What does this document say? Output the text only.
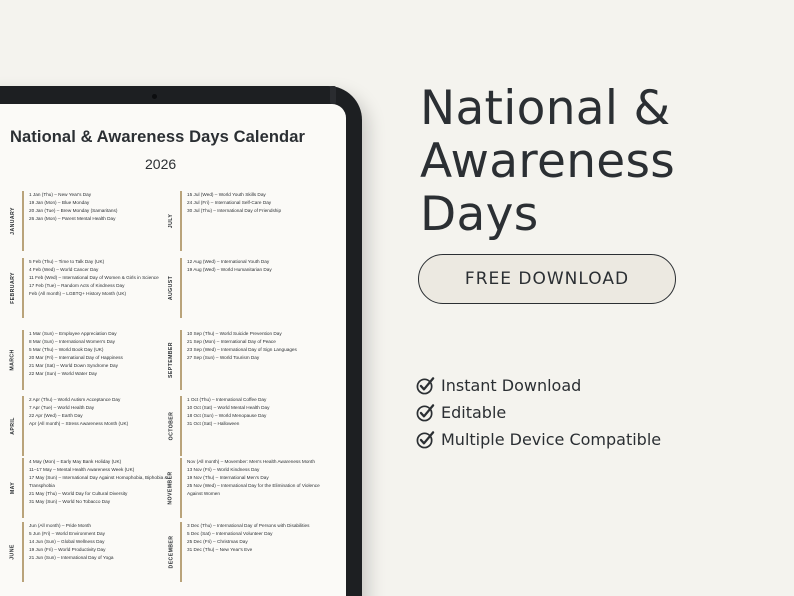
National & Awareness Days Calendar
2026
JANUARY
1 Jan (Thu) – New Year's Day
19 Jan (Mon) – Blue Monday
20 Jan (Tue) – Brew Monday (Samaritans)
26 Jan (Mon) – Parent Mental Health Day
FEBRUARY
5 Feb (Thu) – Time to Talk Day (UK)
4 Feb (Wed) – World Cancer Day
11 Feb (Wed) – International Day of Women & Girls in Science
17 Feb (Tue) – Random Acts of Kindness Day
Feb (All month) – LGBTQ+ History Month (UK)
MARCH
1 Mar (Sun) – Employee Appreciation Day
8 Mar (Sun) – International Women's Day
5 Mar (Thu) – World Book Day (UK)
20 Mar (Fri) – International Day of Happiness
21 Mar (Sat) – World Down Syndrome Day
22 Mar (Sun) – World Water Day
APRIL
2 Apr (Thu) – World Autism Acceptance Day
7 Apr (Tue) – World Health Day
22 Apr (Wed) – Earth Day
Apr (All month) – Stress Awareness Month (UK)
MAY
4 May (Mon) – Early May Bank Holiday (UK)
11–17 May – Mental Health Awareness Week (UK)
17 May (Sun) – International Day Against Homophobia, Biphobia & Transphobia
21 May (Thu) – World Day for Cultural Diversity
31 May (Sun) – World No Tobacco Day
JUNE
Jun (All month) – Pride Month
5 Jun (Fri) – World Environment Day
14 Jun (Sun) – Global Wellness Day
19 Jun (Fri) – World Productivity Day
21 Jun (Sun) – International Day of Yoga
JULY
15 Jul (Wed) – World Youth Skills Day
24 Jul (Fri) – International Self-Care Day
30 Jul (Thu) – International Day of Friendship
AUGUST
12 Aug (Wed) – International Youth Day
19 Aug (Wed) – World Humanitarian Day
SEPTEMBER
10 Sep (Thu) – World Suicide Prevention Day
21 Sep (Mon) – International Day of Peace
23 Sep (Wed) – International Day of Sign Languages
27 Sep (Sun) – World Tourism Day
OCTOBER
1 Oct (Thu) – International Coffee Day
10 Oct (Sat) – World Mental Health Day
18 Oct (Sun) – World Menopause Day
31 Oct (Sat) – Halloween
NOVEMBER
Nov (All month) – Movember: Men's Health Awareness Month
13 Nov (Fri) – World Kindness Day
19 Nov (Thu) – International Men's Day
25 Nov (Wed) – International Day for the Elimination of Violence Against Women
DECEMBER
3 Dec (Thu) – International Day of Persons with Disabilities
5 Dec (Sat) – International Volunteer Day
25 Dec (Fri) – Christmas Day
31 Dec (Thu) – New Year's Eve
National &
Awareness
Days
FREE DOWNLOAD
Instant Download
Editable
Multiple Device Compatible
